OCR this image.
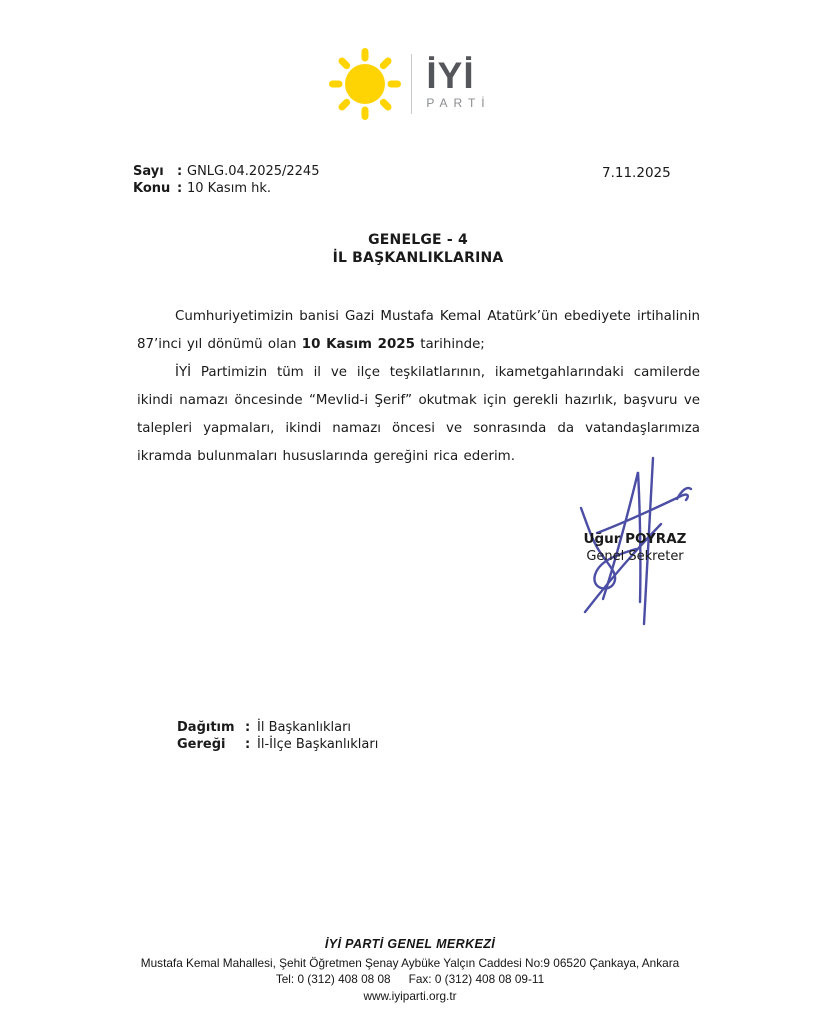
İYİ
PARTİ
Sayı : GNLG.04.2025/2245
Konu : 10 Kasım hk.
7.11.2025
GENELGE - 4
İL BAŞKANLIKLARINA

Cumhuriyetimizin banisi Gazi Mustafa Kemal Atatürk’ün ebediyete irtihalinin 87’inci yıl dönümü olan 10 Kasım 2025 tarihinde;

İYİ Partimizin tüm il ve ilçe teşkilatlarının, ikametgahlarındaki camilerde ikindi namazı öncesinde “Mevlid-i Şerif” okutmak için gerekli hazırlık, başvuru ve talepleri yapmaları, ikindi namazı öncesi ve sonrasında da vatandaşlarımıza ikramda bulunmaları hususlarında gereğini rica ederim.

Uğur POYRAZ
Genel Sekreter
Dağıtım : İl Başkanlıkları
Gereği : İl-İlçe Başkanlıkları
İYİ PARTİ GENEL MERKEZİ
Mustafa Kemal Mahallesi, Şehit Öğretmen Şenay Aybüke Yalçın Caddesi No:9 06520 Çankaya, Ankara
Tel: 0 (312) 408 08 08 Fax: 0 (312) 408 08 09-11
www.iyiparti.org.tr
